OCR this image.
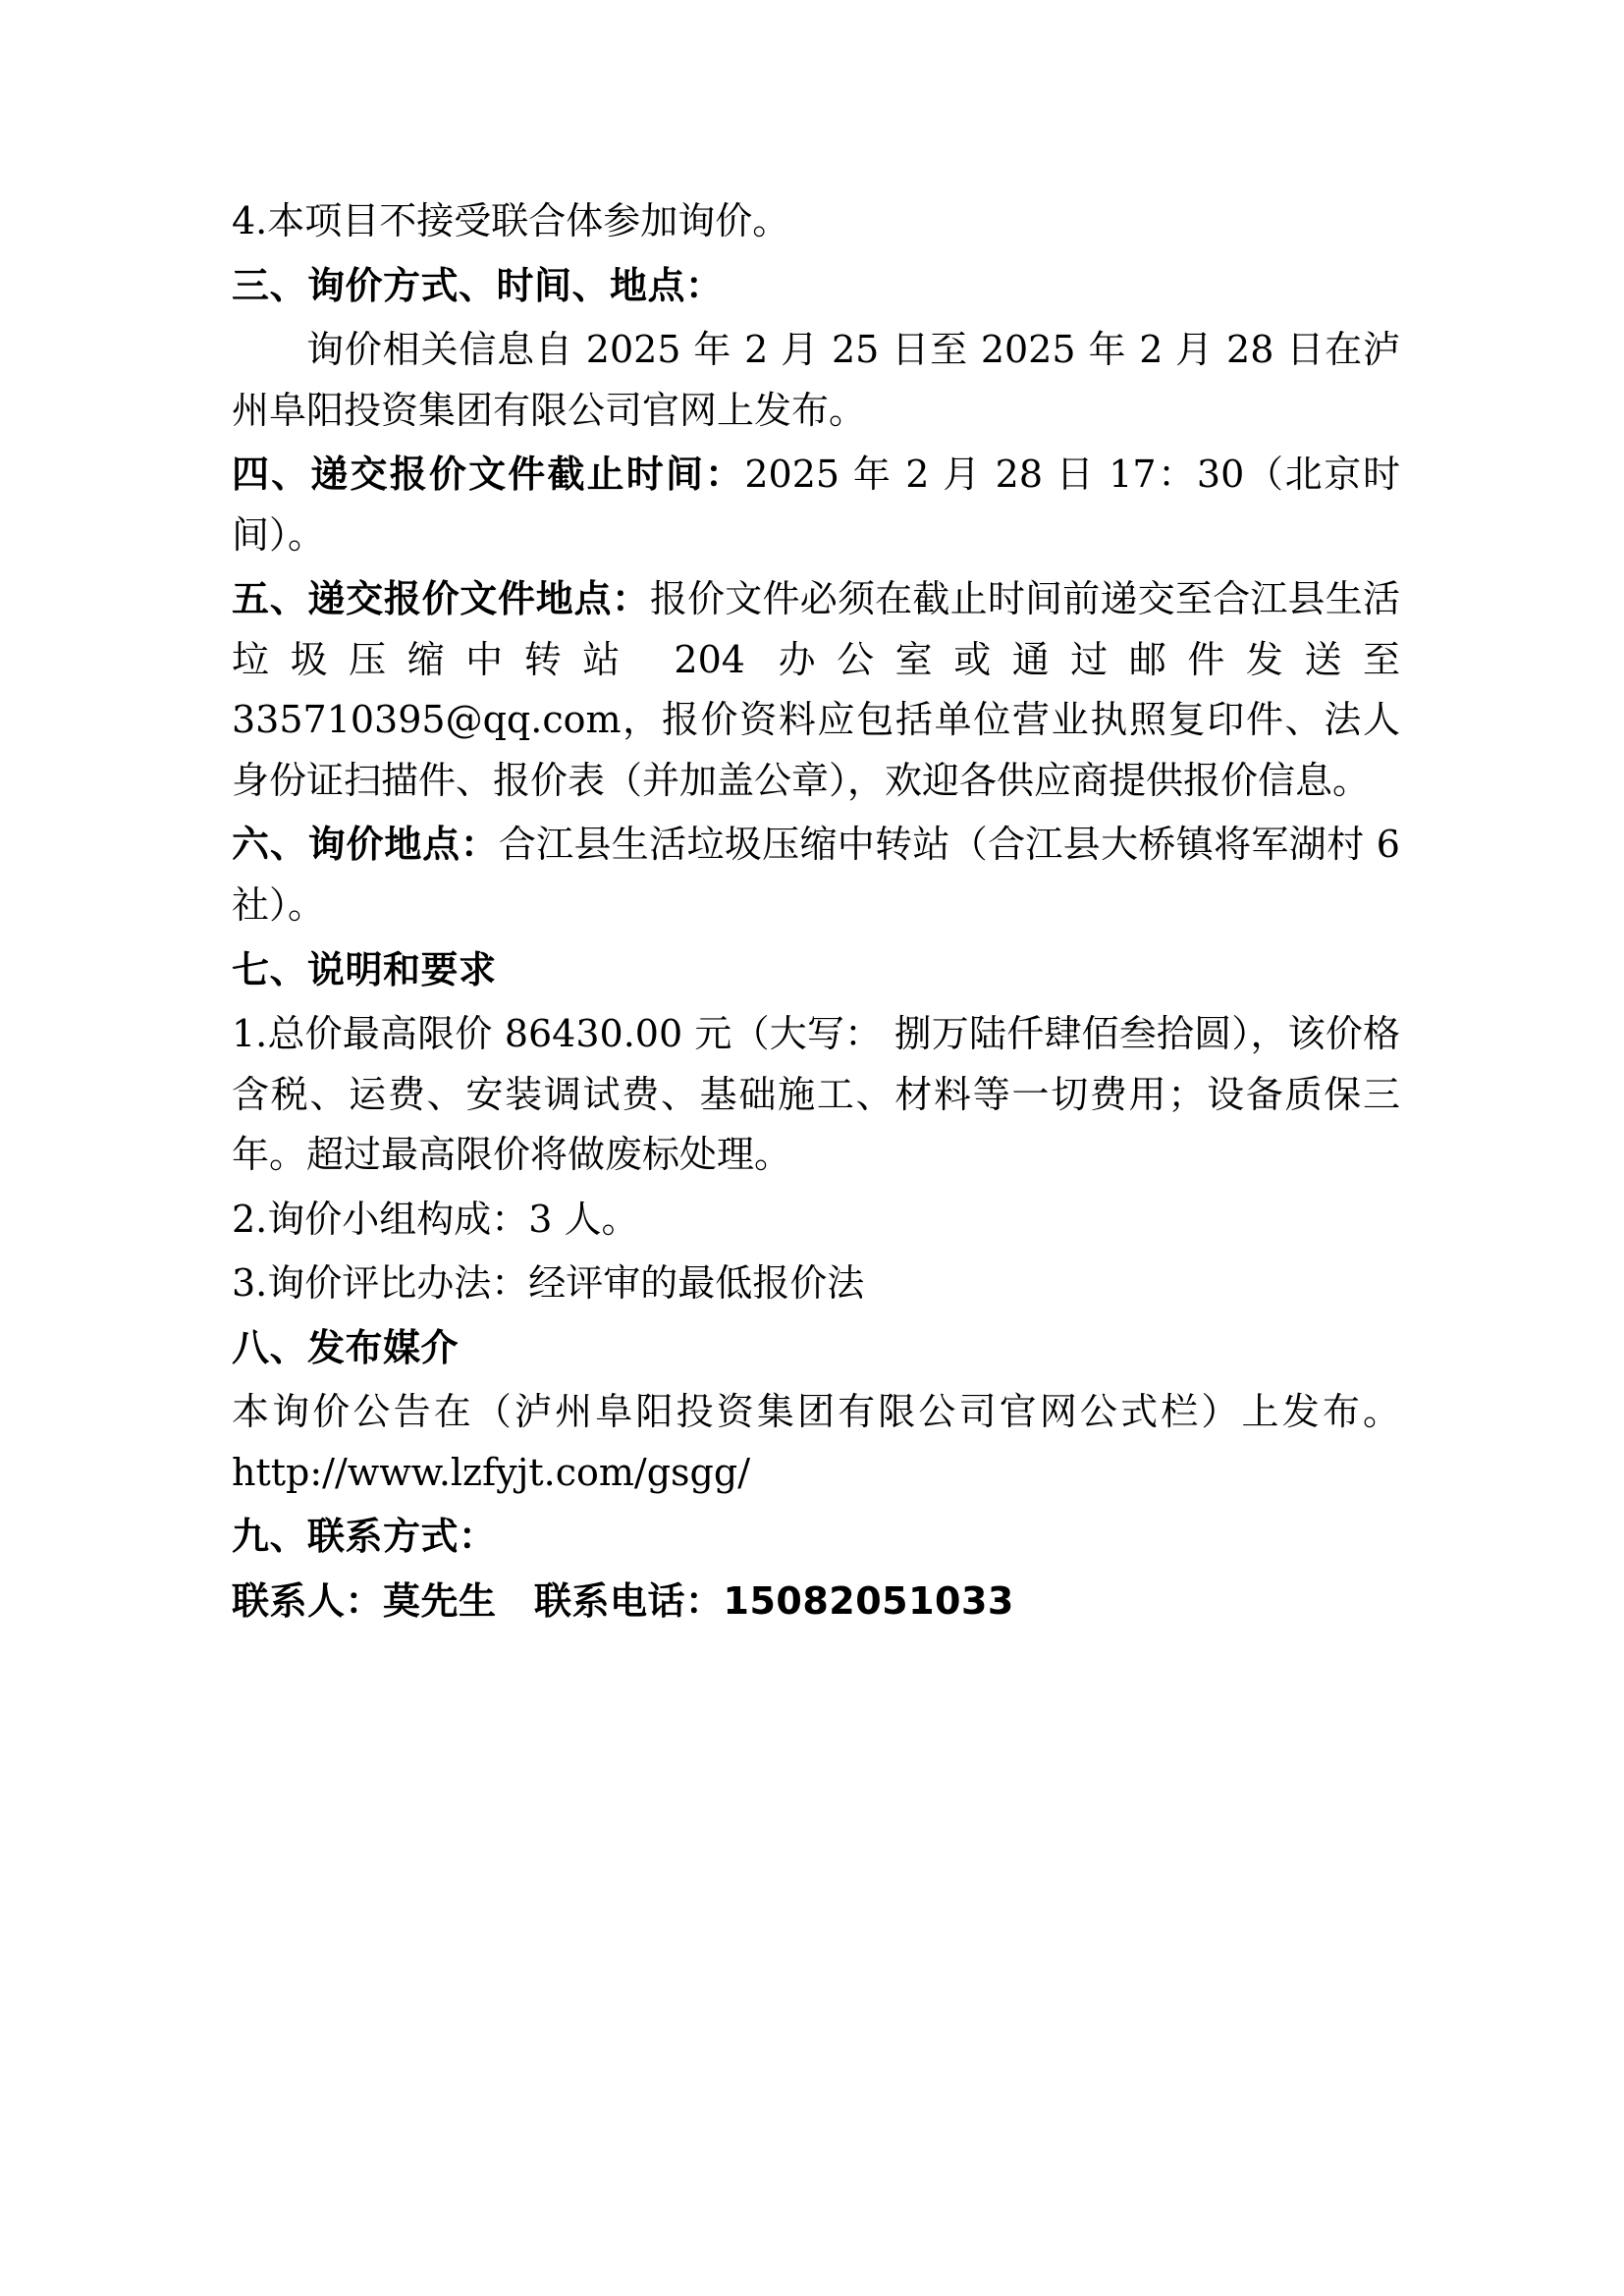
4.本项目不接受联合体参加询价。

三、询价方式、时间、地点：

询价相关信息自 2025 年 2 月 25 日至 2025 年 2 月 28 日在泸州阜阳投资集团有限公司官网上发布。

四、递交报价文件截止时间：2025 年 2 月 28 日 17：30（北京时间）。

五、递交报价文件地点：报价文件必须在截止时间前递交至合江县生活垃圾压缩中转站 204 办公室或通过邮件发送至 335710395@qq.com，报价资料应包括单位营业执照复印件、法人身份证扫描件、报价表（并加盖公章），欢迎各供应商提供报价信息。

六、询价地点：合江县生活垃圾压缩中转站（合江县大桥镇将军湖村 6 社）。

七、说明和要求

1.总价最高限价 86430.00 元（大写： 捌万陆仟肆佰叁拾圆），该价格含税、运费、安装调试费、基础施工、材料等一切费用；设备质保三年。超过最高限价将做废标处理。

2.询价小组构成：3 人。

3.询价评比办法：经评审的最低报价法

八、发布媒介

本询价公告在（泸州阜阳投资集团有限公司官网公式栏）上发布。http://www.lzfyjt.com/gsgg/

九、联系方式：

联系人：莫先生　联系电话：15082051033
